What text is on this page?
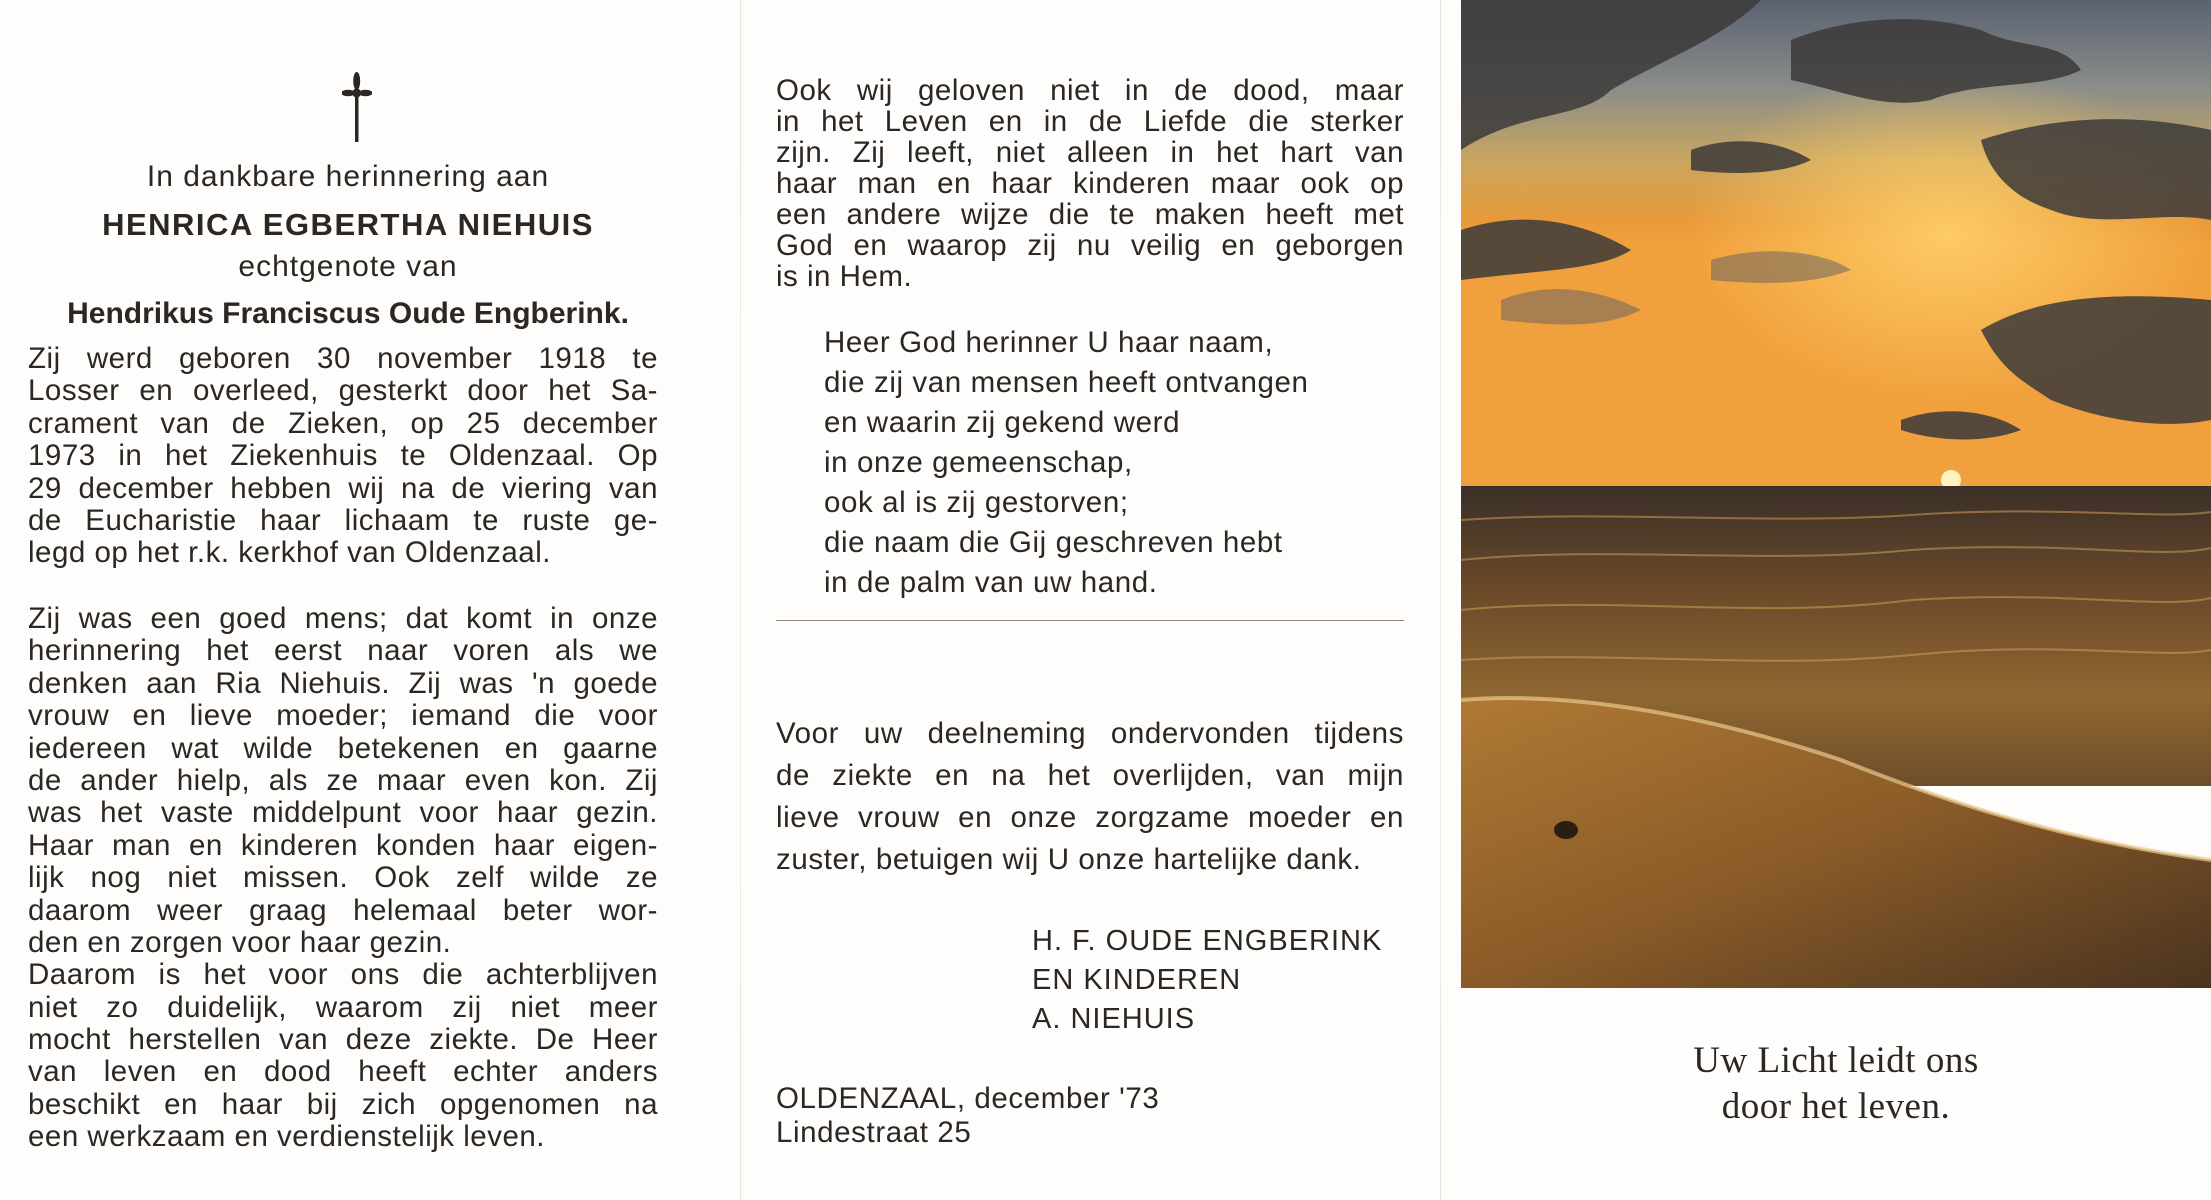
In dankbare herinnering aan
HENRICA EGBERTHA NIEHUIS
echtgenote van
Hendrikus Franciscus Oude Engberink.
Zij werd geboren 30 november 1918 te
Losser en overleed, gesterkt door het Sa-
crament van de Zieken, op 25 december
1973 in het Ziekenhuis te Oldenzaal. Op
29 december hebben wij na de viering van
de Eucharistie haar lichaam te ruste ge-
legd op het r.k. kerkhof van Oldenzaal.
Zij was een goed mens; dat komt in onze
herinnering het eerst naar voren als we
denken aan Ria Niehuis. Zij was 'n goede
vrouw en lieve moeder; iemand die voor
iedereen wat wilde betekenen en gaarne
de ander hielp, als ze maar even kon. Zij
was het vaste middelpunt voor haar gezin.
Haar man en kinderen konden haar eigen-
lijk nog niet missen. Ook zelf wilde ze
daarom weer graag helemaal beter wor-
den en zorgen voor haar gezin.
Daarom is het voor ons die achterblijven
niet zo duidelijk, waarom zij niet meer
mocht herstellen van deze ziekte. De Heer
van leven en dood heeft echter anders
beschikt en haar bij zich opgenomen na
een werkzaam en verdienstelijk leven.
Ook wij geloven niet in de dood, maar
in het Leven en in de Liefde die sterker
zijn. Zij leeft, niet alleen in het hart van
haar man en haar kinderen maar ook op
een andere wijze die te maken heeft met
God en waarop zij nu veilig en geborgen
is in Hem.
Heer God herinner U haar naam,
die zij van mensen heeft ontvangen
en waarin zij gekend werd
in onze gemeenschap,
ook al is zij gestorven;
die naam die Gij geschreven hebt
in de palm van uw hand.
Voor uw deelneming ondervonden tijdens
de ziekte en na het overlijden, van mijn
lieve vrouw en onze zorgzame moeder en
zuster, betuigen wij U onze hartelijke dank.
H. F. OUDE ENGBERINK
EN KINDEREN
A. NIEHUIS
OLDENZAAL, december '73
Lindestraat 25
Uw Licht leidt ons
door het leven.
